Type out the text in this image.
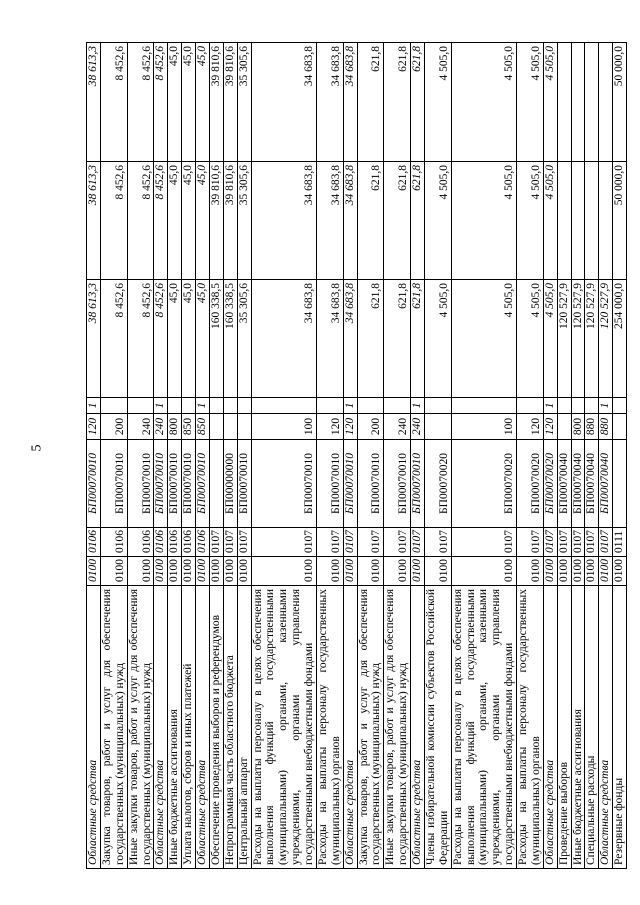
5
Областные средства	0100	0106	БП00070010	120	1	38 613,3	38 613,3	38 613,3
Закупка товаров, работ и услуг для обеспечения государственных (муниципальных) нужд	0100	0106	БП00070010	200		8 452,6	8 452,6	8 452,6
Иные закупки товаров, работ и услуг для обеспечения государственных (муниципальных) нужд	0100	0106	БП00070010	240		8 452,6	8 452,6	8 452,6
Областные средства	0100	0106	БП00070010	240	1	8 452,6	8 452,6	8 452,6
Иные бюджетные ассигнования	0100	0106	БП00070010	800		45,0	45,0	45,0
Уплата налогов, сборов и иных платежей	0100	0106	БП00070010	850		45,0	45,0	45,0
Областные средства	0100	0106	БП00070010	850	1	45,0	45,0	45,0
Обеспечение проведения выборов и референдумов	0100	0107				160 338,5	39 810,6	39 810,6
Непрограммная часть областного бюджета	0100	0107	БП00000000			160 338,5	39 810,6	39 810,6
Центральный аппарат	0100	0107	БП00070010			35 305,6	35 305,6	35 305,6
Расходы на выплаты персоналу в целях обеспечения выполнения функций государственными (муниципальными) органами, казенными учреждениями, органами управления государственными внебюджетными фондами	0100	0107	БП00070010	100		34 683,8	34 683,8	34 683,8
Расходы на выплаты персоналу государственных (муниципальных) органов	0100	0107	БП00070010	120		34 683,8	34 683,8	34 683,8
Областные средства	0100	0107	БП00070010	120	1	34 683,8	34 683,8	34 683,8
Закупка товаров, работ и услуг для обеспечения государственных (муниципальных) нужд	0100	0107	БП00070010	200		621,8	621,8	621,8
Иные закупки товаров, работ и услуг для обеспечения государственных (муниципальных) нужд	0100	0107	БП00070010	240		621,8	621,8	621,8
Областные средства	0100	0107	БП00070010	240	1	621,8	621,8	621,8
Члены избирательной комиссии субъектов Российской Федерации	0100	0107	БП00070020			4 505,0	4 505,0	4 505,0
Расходы на выплаты персоналу в целях обеспечения выполнения функций государственными (муниципальными) органами, казенными учреждениями, органами управления государственными внебюджетными фондами	0100	0107	БП00070020	100		4 505,0	4 505,0	4 505,0
Расходы на выплаты персоналу государственных (муниципальных) органов	0100	0107	БП00070020	120		4 505,0	4 505,0	4 505,0
Областные средства	0100	0107	БП00070020	120	1	4 505,0	4 505,0	4 505,0
Проведение выборов	0100	0107	БП00070040			120 527,9		
Иные бюджетные ассигнования	0100	0107	БП00070040	800		120 527,9		
Специальные расходы	0100	0107	БП00070040	880		120 527,9		
Областные средства	0100	0107	БП00070040	880	1	120 527,9		
Резервные фонды	0100	0111				254 000,0	50 000,0	50 000,0
